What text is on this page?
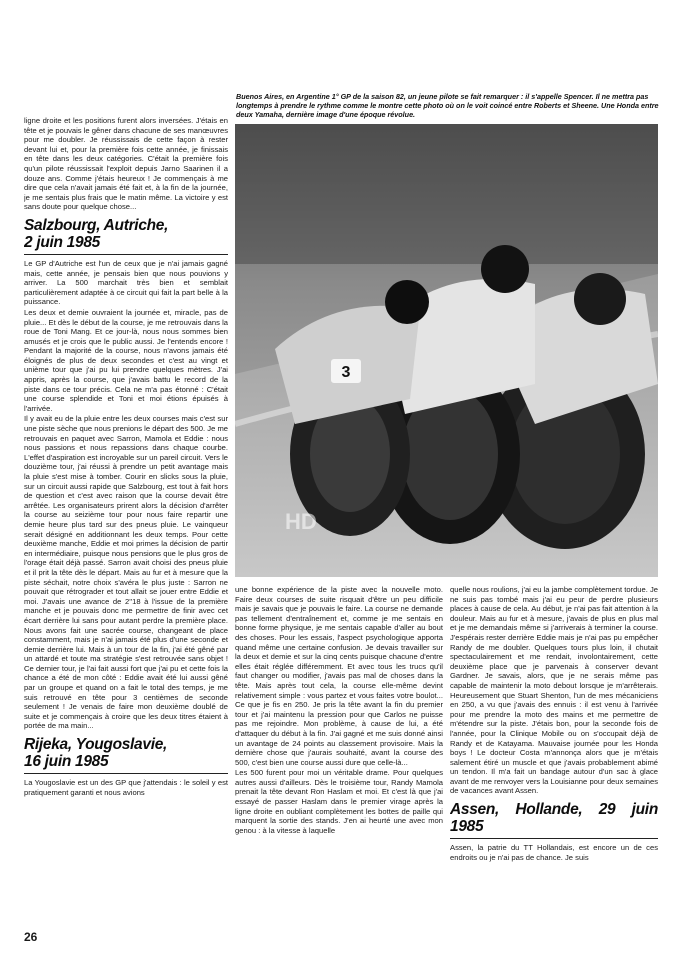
ligne droite et les positions furent alors inversées. J'étais en tête et je pouvais le gêner dans chacune de ses manœuvres pour me doubler. Je réussissais de cette façon à rester devant lui et, pour la première fois cette année, je finissais en tête dans les deux catégories. C'était la première fois qu'un pilote réussissait l'exploit depuis Jarno Saarinen il a douze ans. Comme j'étais heureux ! Je commençais à me dire que cela n'avait jamais été fait et, à la fin de la journée, je me sentais plus frais que le matin même. La victoire y est sans doute pour quelque chose...

Salzbourg, Autriche,
2 juin 1985

Le GP d'Autriche est l'un de ceux que je n'ai jamais gagné mais, cette année, je pensais bien que nous pouvions y arriver. La 500 marchait très bien et semblait particulièrement adaptée à ce circuit qui fait la part belle à la puissance.

Les deux et demie ouvraient la journée et, miracle, pas de pluie... Et dès le début de la course, je me retrouvais dans la roue de Toni Mang. Et ce jour-là, nous nous sommes bien amusés et je crois que le public aussi. Je l'entends encore ! Pendant la majorité de la course, nous n'avons jamais été éloignés de plus de deux secondes et c'est au vingt et unième tour que j'ai pu lui prendre quelques mètres. J'ai appris, après la course, que j'avais battu le record de la piste dans ce tour précis. Cela ne m'a pas étonné : C'était une course splendide et Toni et moi étions épuisés à l'arrivée.

Il y avait eu de la pluie entre les deux courses mais c'est sur une piste sèche que nous prenions le départ des 500. Je me retrouvais en paquet avec Sarron, Mamola et Eddie : nous nous passions et nous repassions dans chaque courbe. L'effet d'aspiration est incroyable sur un pareil circuit. Vers le douzième tour, j'ai réussi à prendre un petit avantage mais la pluie s'est mise à tomber. Courir en slicks sous la pluie, sur un circuit aussi rapide que Salzbourg, est tout à fait hors de question et c'est avec raison que la course devait être arrêtée. Les organisateurs prirent alors la décision d'arrêter la course au seizième tour pour nous faire repartir une demie heure plus tard sur des pneus pluie. Le vainqueur serait désigné en additionnant les deux temps. Pour cette deuxième manche, Eddie et moi primes la décision de partir en intermédiaire, puisque nous pensions que le plus gros de l'orage était déjà passé. Sarron avait choisi des pneus pluie et il prit la tête dès le départ. Mais au fur et à mesure que la piste séchait, notre choix s'avéra le plus juste : Sarron ne pouvait que rétrograder et tout allait se jouer entre Eddie et moi. J'avais une avance de 2''18 à l'issue de la première manche et je pouvais donc me permettre de finir avec cet écart derrière lui sans pour autant perdre la première place. Nous avons fait une sacrée course, changeant de place constamment, mais je n'ai jamais été plus d'une seconde et demie derrière lui. Mais à un tour de la fin, j'ai été gêné par un attardé et toute ma stratégie s'est retrouvée sans objet ! Ce dernier tour, je l'ai fait aussi fort que j'ai pu et cette fois la chance a été de mon côté : Eddie avait été lui aussi gêné par un groupe et quand on a fait le total des temps, je me suis retrouvé en tête pour 3 centièmes de seconde seulement ! Je venais de faire mon deuxième doublé de suite et je commençais à croire que les deux titres étaient à portée de ma main...

Rijeka, Yougoslavie,
16 juin 1985

La Yougoslavie est un des GP que j'attendais : le soleil y est pratiquement garanti et nous avions

Buenos Aires, en Argentine 1° GP de la saison 82, un jeune pilote se fait remarquer : il s'appelle Spencer. Il ne mettra pas longtemps à prendre le rythme comme le montre cette photo où on le voit coincé entre Roberts et Sheene. Une Honda entre deux Yamaha, dernière image d'une époque révolue.
3
HD

une bonne expérience de la piste avec la nouvelle moto. Faire deux courses de suite risquait d'être un peu difficile mais je savais que je pouvais le faire. La course ne demande pas tellement d'entraînement et, comme je me sentais en bonne forme physique, je me sentais capable d'aller au bout des choses. Pour les essais, l'aspect psychologique apporta quand même une certaine confusion. Je devais travailler sur la deux et demie et sur la cinq cents puisque chacune d'entre elles était réglée différemment. Et avec tous les trucs qu'il faut changer ou modifier, j'avais pas mal de choses dans la tête. Mais après tout cela, la course elle-même devint relativement simple : vous partez et vous faites votre boulot... Ce que je fis en 250. Je pris la tête avant la fin du premier tour et j'ai maintenu la pression pour que Carlos ne puisse pas me rejoindre. Mon problème, à cause de lui, a été d'attaquer du début à la fin. J'ai gagné et me suis donné ainsi un avantage de 24 points au classement provisoire. Mais la dernière chose que j'aurais souhaité, avant la course des 500, c'est bien une course aussi dure que celle-là...

Les 500 furent pour moi un véritable drame. Pour quelques autres aussi d'ailleurs. Dès le troisième tour, Randy Mamola prenait la tête devant Ron Haslam et moi. Et c'est là que j'ai essayé de passer Haslam dans le premier virage après la ligne droite en oubliant complètement les bottes de paille qui marquent la sortie des stands. J'en ai heurté une avec mon genou : à la vitesse à laquelle

quelle nous roulions, j'ai eu la jambe complètement tordue. Je ne suis pas tombé mais j'ai eu peur de perdre plusieurs places à cause de cela. Au début, je n'ai pas fait attention à la douleur. Mais au fur et à mesure, j'avais de plus en plus mal et je me demandais même si j'arriverais à terminer la course. J'espérais rester derrière Eddie mais je n'ai pas pu empêcher Randy de me doubler. Quelques tours plus loin, il chutait spectaculairement et me rendait, involontairement, cette deuxième place que je parvenais à conserver devant Gardner. Je savais, alors, que je ne serais même pas capable de maintenir la moto debout lorsque je m'arrêterais. Heureusement que Stuart Shenton, l'un de mes mécaniciens en 250, a vu que j'avais des ennuis : il est venu à l'arrivée pour me prendre la moto des mains et me permettre de m'étendre sur la piste. J'étais bon, pour la seconde fois de l'année, pour la Clinique Mobile ou on s'occupait déjà de Randy et de Katayama. Mauvaise journée pour les Honda boys ! Le docteur Costa m'annonça alors que je m'étais salement étiré un muscle et que j'avais probablement abimé un tendon. Il m'a fait un bandage autour d'un sac à glace avant de me renvoyer vers la Louisianne pour deux semaines de vacances avant Assen.

Assen, Hollande, 29 juin 1985

Assen, la patrie du TT Hollandais, est encore un de ces endroits ou je n'ai pas de chance. Je suis

26
